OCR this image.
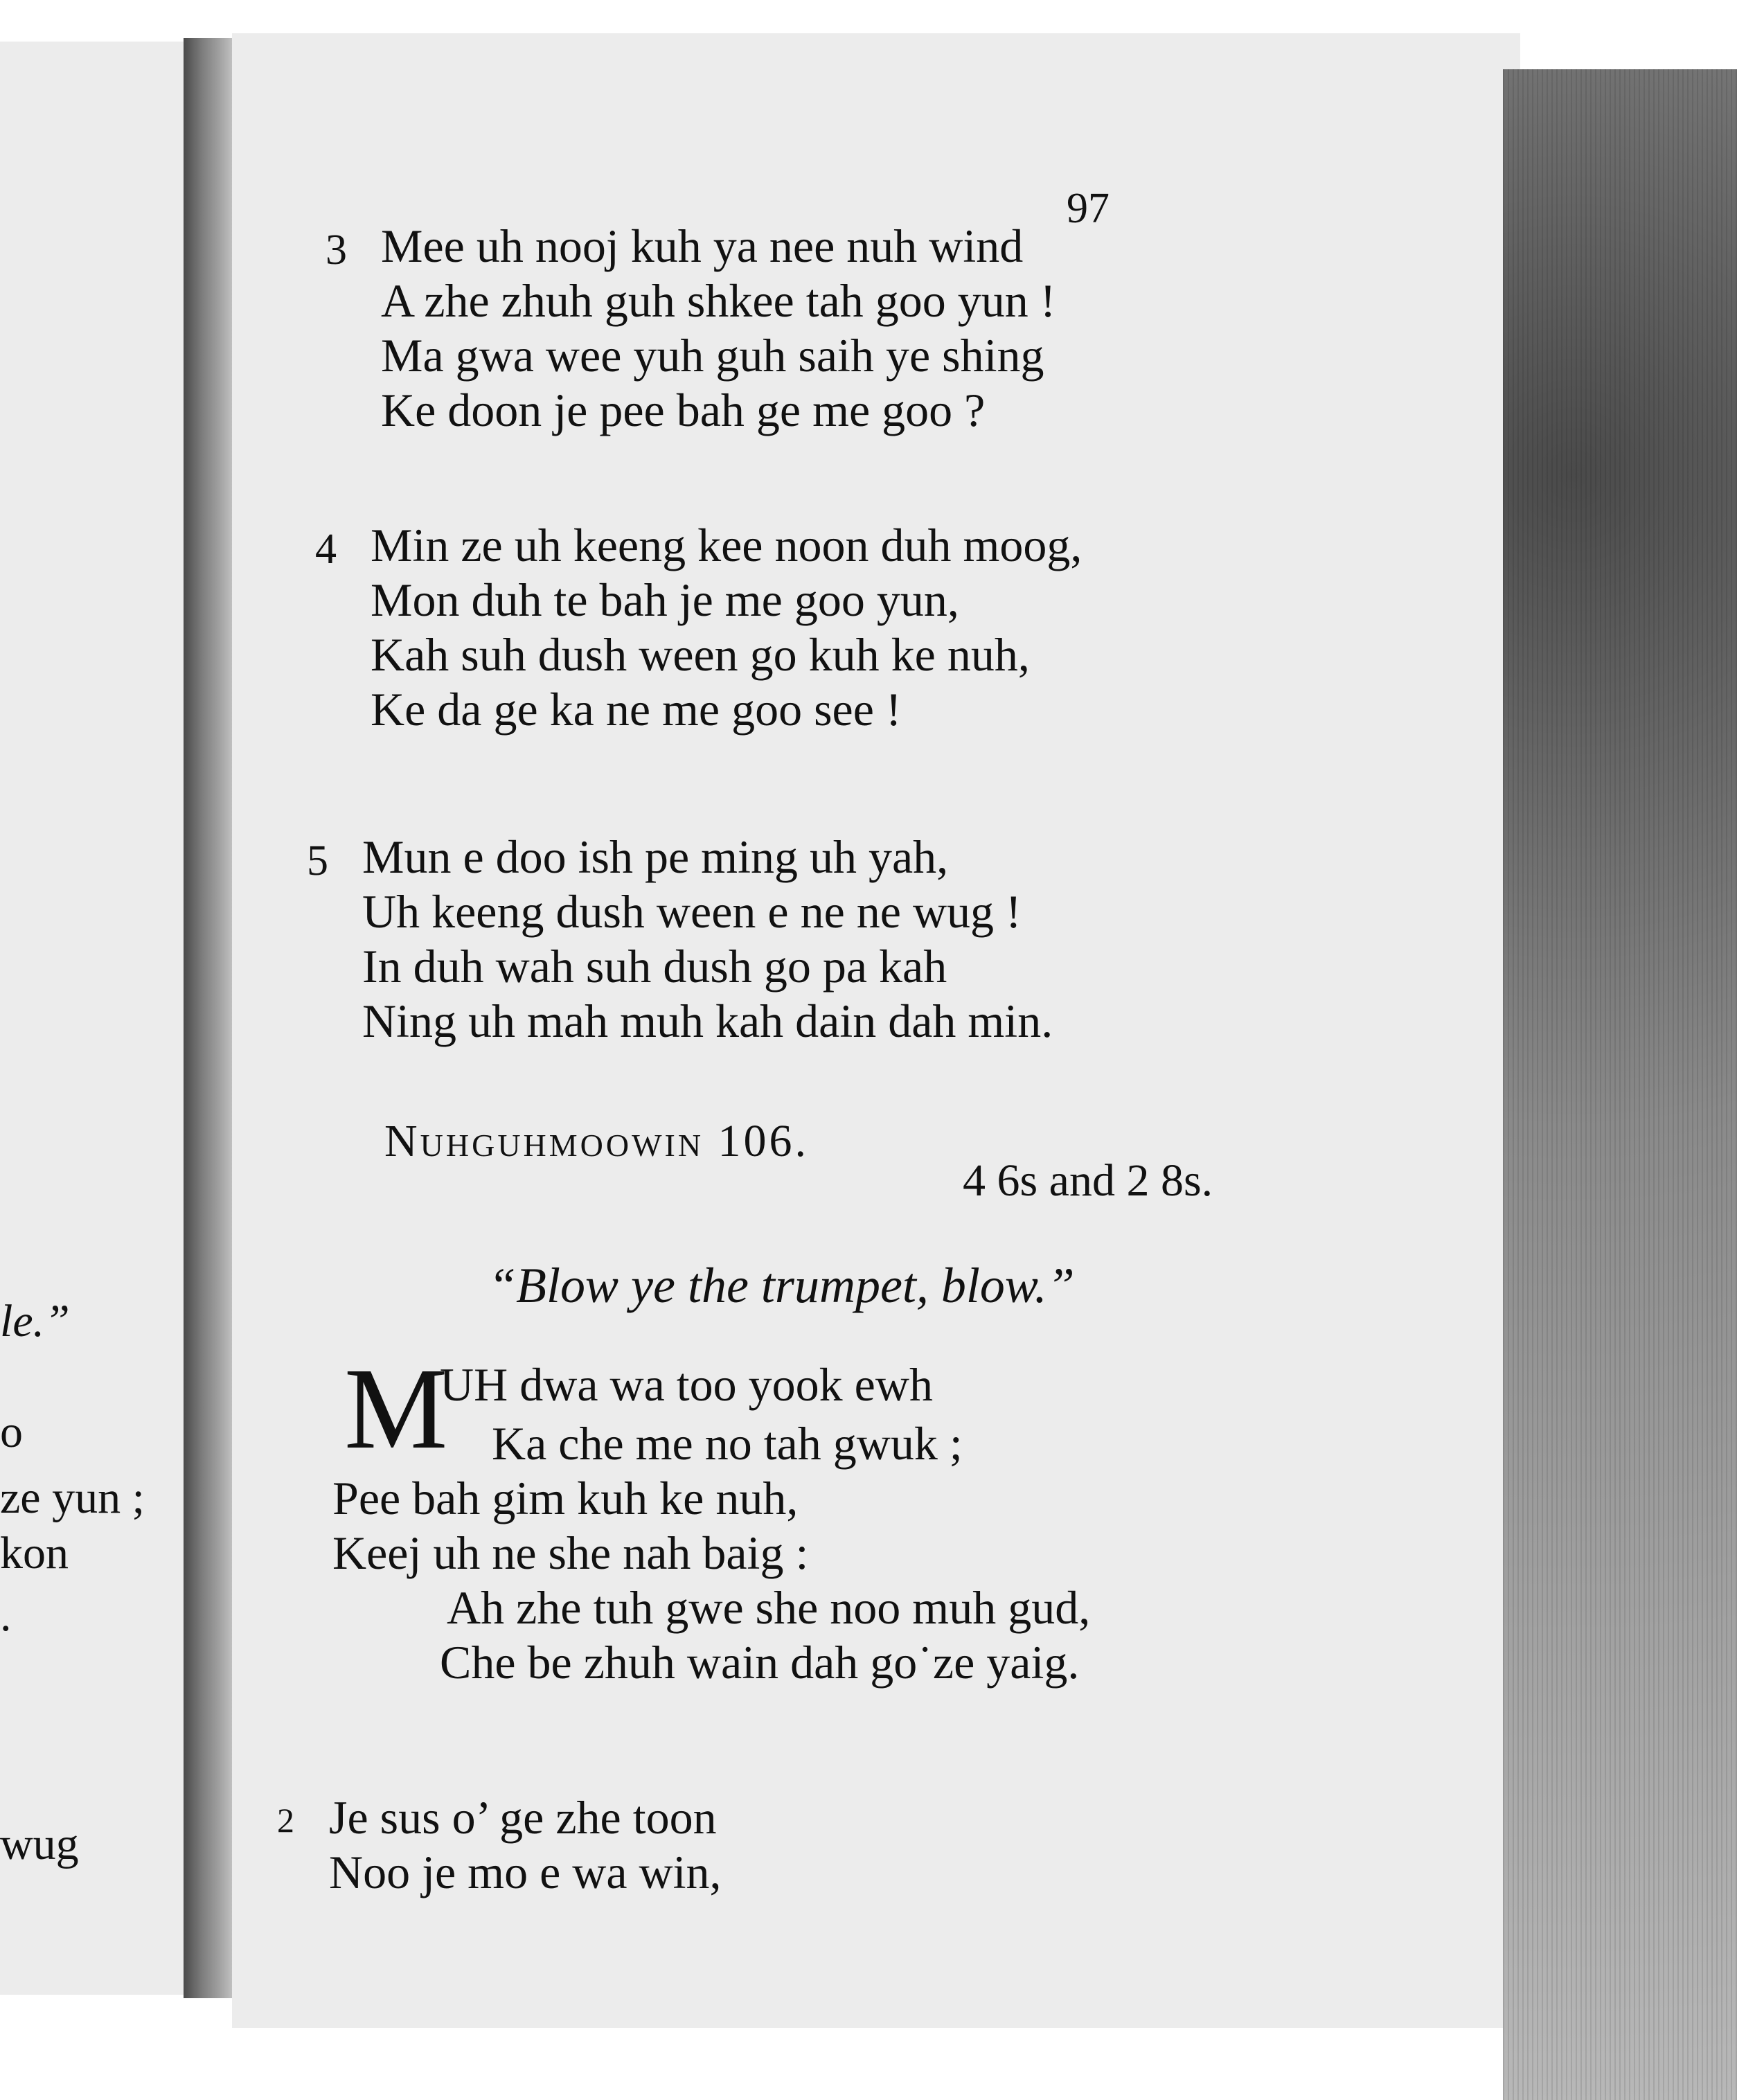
le.”
o
ze yun ;
kon
.
wug
97
3 Mee uh nooj kuh ya nee nuh wind
A zhe zhuh guh shkee tah goo yun !
Ma gwa wee yuh guh saih ye shing
Ke doon je pee bah ge me goo ?
4 Min ze uh keeng kee noon duh moog,
Mon duh te bah je me goo yun,
Kah suh dush ween go kuh ke nuh,
Ke da ge ka ne me goo see !
5 Mun e doo ish pe ming uh yah,
Uh keeng dush ween e ne ne wug !
In duh wah suh dush go pa kah
Ning uh mah muh kah dain dah min.
Nuhguhmoowin 106.
4 6s and 2 8s.
“Blow ye the trumpet, blow.”
M
UH dwa wa too yook ewh
Ka che me no tah gwuk ;
Pee bah gim kuh ke nuh,
Keej uh ne she nah baig :
Ah zhe tuh gwe she noo muh gud,
Che be zhuh wain dah go˙ze yaig.
2 Je sus o’ ge zhe toon
Noo je mo e wa win,
